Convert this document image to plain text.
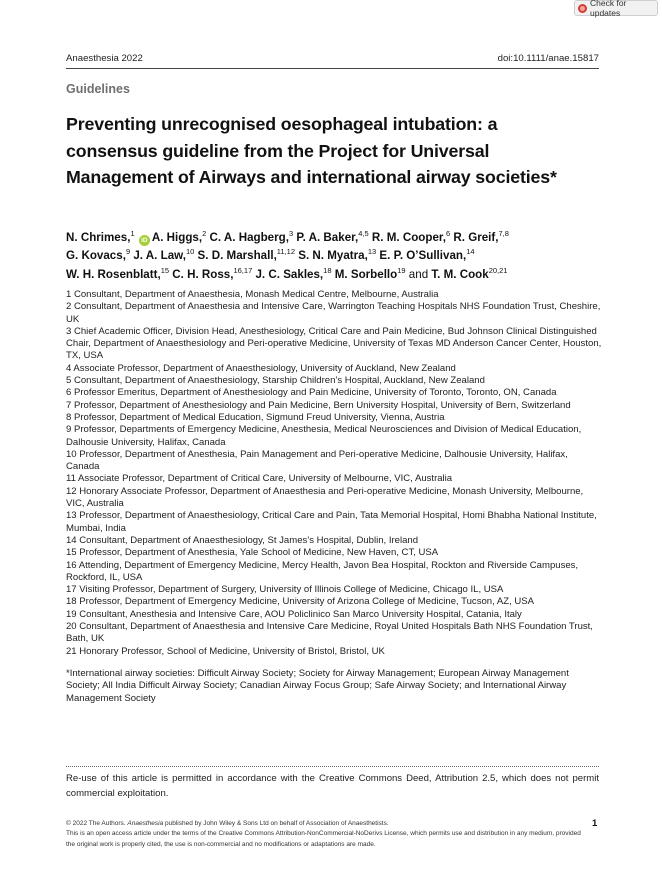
Check for updates
Anaesthesia 2022	doi:10.1111/anae.15817
Guidelines
Preventing unrecognised oesophageal intubation: a consensus guideline from the Project for Universal Management of Airways and international airway societies*
N. Chrimes,$^1$ iD A. Higgs,$^2$ C. A. Hagberg,$^3$ P. A. Baker,$^{4,5}$ R. M. Cooper,$^6$ R. Greif,$^{7,8}$
G. Kovacs,$^9$ J. A. Law,$^{10}$ S. D. Marshall,$^{11,12}$ S. N. Myatra,$^{13}$ E. P. O’Sullivan,$^{14}$
W. H. Rosenblatt,$^{15}$ C. H. Ross,$^{16,17}$ J. C. Sakles,$^{18}$ M. Sorbello$^{19}$ and T. M. Cook$^{20,21}$
1 Consultant, Department of Anaesthesia, Monash Medical Centre, Melbourne, Australia
2 Consultant, Department of Anaesthesia and Intensive Care, Warrington Teaching Hospitals NHS Foundation Trust, Cheshire, UK
3 Chief Academic Officer, Division Head, Anesthesiology, Critical Care and Pain Medicine, Bud Johnson Clinical Distinguished Chair, Department of Anaesthesiology and Peri-operative Medicine, University of Texas MD Anderson Cancer Center, Houston, TX, USA
4 Associate Professor, Department of Anaesthesiology, University of Auckland, New Zealand
5 Consultant, Department of Anaesthesiology, Starship Children’s Hospital, Auckland, New Zealand
6 Professor Emeritus, Department of Anesthesiology and Pain Medicine, University of Toronto, Toronto, ON, Canada
7 Professor, Department of Anesthesiology and Pain Medicine, Bern University Hospital, University of Bern, Switzerland
8 Professor, Department of Medical Education, Sigmund Freud University, Vienna, Austria
9 Professor, Departments of Emergency Medicine, Anesthesia, Medical Neurosciences and Division of Medical Education, Dalhousie University, Halifax, Canada
10 Professor, Department of Anesthesia, Pain Management and Peri-operative Medicine, Dalhousie University, Halifax, Canada
11 Associate Professor, Department of Critical Care, University of Melbourne, VIC, Australia
12 Honorary Associate Professor, Department of Anaesthesia and Peri-operative Medicine, Monash University, Melbourne, VIC, Australia
13 Professor, Department of Anaesthesiology, Critical Care and Pain, Tata Memorial Hospital, Homi Bhabha National Institute, Mumbai, India
14 Consultant, Department of Anaesthesiology, St James’s Hospital, Dublin, Ireland
15 Professor, Department of Anesthesia, Yale School of Medicine, New Haven, CT, USA
16 Attending, Department of Emergency Medicine, Mercy Health, Javon Bea Hospital, Rockton and Riverside Campuses, Rockford, IL, USA
17 Visiting Professor, Department of Surgery, University of Illinois College of Medicine, Chicago IL, USA
18 Professor, Department of Emergency Medicine, University of Arizona College of Medicine, Tucson, AZ, USA
19 Consultant, Anesthesia and Intensive Care, AOU Policlinico San Marco University Hospital, Catania, Italy
20 Consultant, Department of Anaesthesia and Intensive Care Medicine, Royal United Hospitals Bath NHS Foundation Trust, Bath, UK
21 Honorary Professor, School of Medicine, University of Bristol, Bristol, UK
*International airway societies: Difficult Airway Society; Society for Airway Management; European Airway Management Society; All India Difficult Airway Society; Canadian Airway Focus Group; Safe Airway Society; and International Airway Management Society
Re-use of this article is permitted in accordance with the Creative Commons Deed, Attribution 2.5, which does not permit commercial exploitation.
© 2022 The Authors. Anaesthesia published by John Wiley & Sons Ltd on behalf of Association of Anaesthetists.
This is an open access article under the terms of the Creative Commons Attribution-NonCommercial-NoDerivs License, which permits use and distribution in any medium, provided the original work is properly cited, the use is non-commercial and no modifications or adaptations are made.
1
